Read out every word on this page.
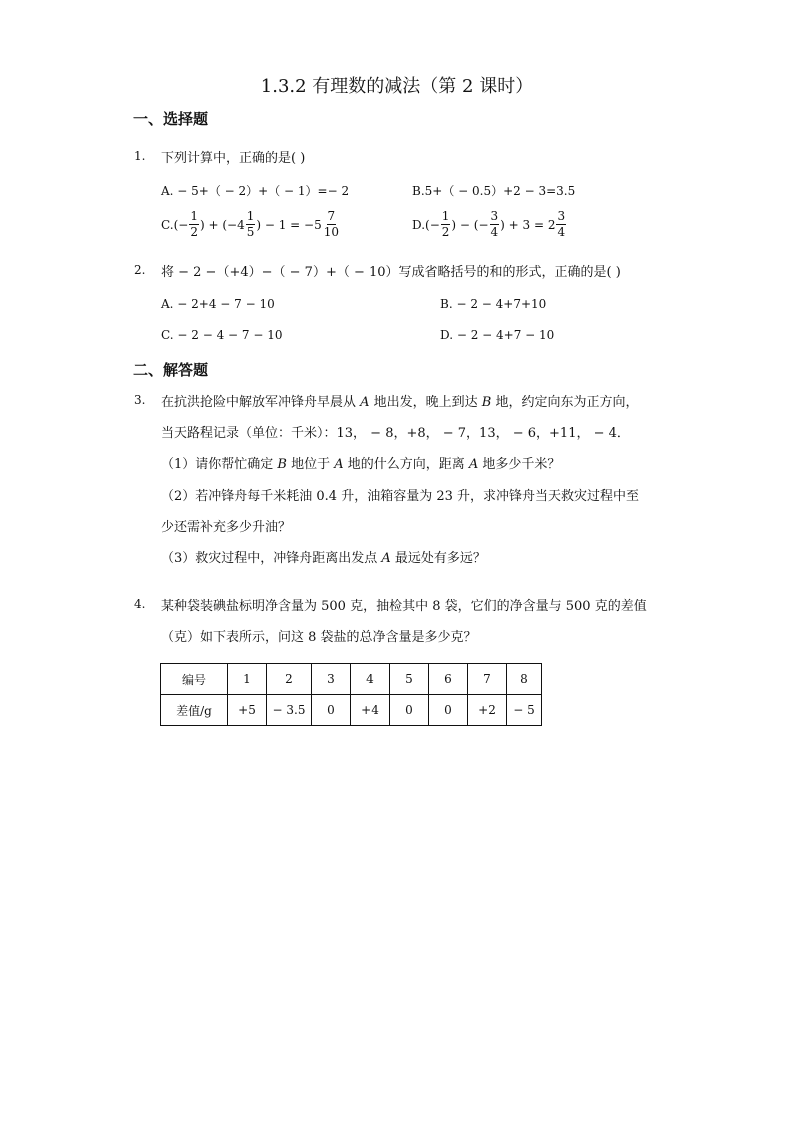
1.3.2 有理数的减法（第 2 课时）
一、选择题
1. 下列计算中，正确的是( )
A. − 5+（ − 2）+（ − 1）=− 2	B.5+（ − 0.5）+2 − 3=3.5
C. (− $\frac{1}{2}$ ) + ($-4 \frac{1}{5}$ ) − $1 = -5 \frac{7}{10}$	D. (− $\frac{1}{2}$ ) − (− $\frac{3}{4}$ ) + $3 = 2 \frac{3}{4}$
2. 将 − 2 −（+4）−（ − 7）+（ − 10）写成省略括号的和的形式，正确的是( )
A. − 2+4 − 7 − 10	B. − 2 − 4+7+10
C. − 2 − 4 − 7 − 10	D. − 2 − 4+7 − 10
二、解答题
3. 在抗洪抢险中解放军冲锋舟早晨从 A 地出发，晚上到达 B 地，约定向东为正方向，
当天路程记录（单位：千米）：13， − 8，+8， − 7，13， − 6，+11， − 4．
（1）请你帮忙确定 B 地位于 A 地的什么方向，距离 A 地多少千米？
（2）若冲锋舟每千米耗油 0.4 升，油箱容量为 23 升，求冲锋舟当天救灾过程中至
少还需补充多少升油？
（3）救灾过程中，冲锋舟距离出发点 A 最远处有多远？
4. 某种袋装碘盐标明净含量为 500 克，抽检其中 8 袋，它们的净含量与 500 克的差值
（克）如下表所示，问这 8 袋盐的总净含量是多少克？
编号	1	2	3	4	5	6	7	8
差值/g	+5	− 3.5	0	+4	0	0	+2	− 5
